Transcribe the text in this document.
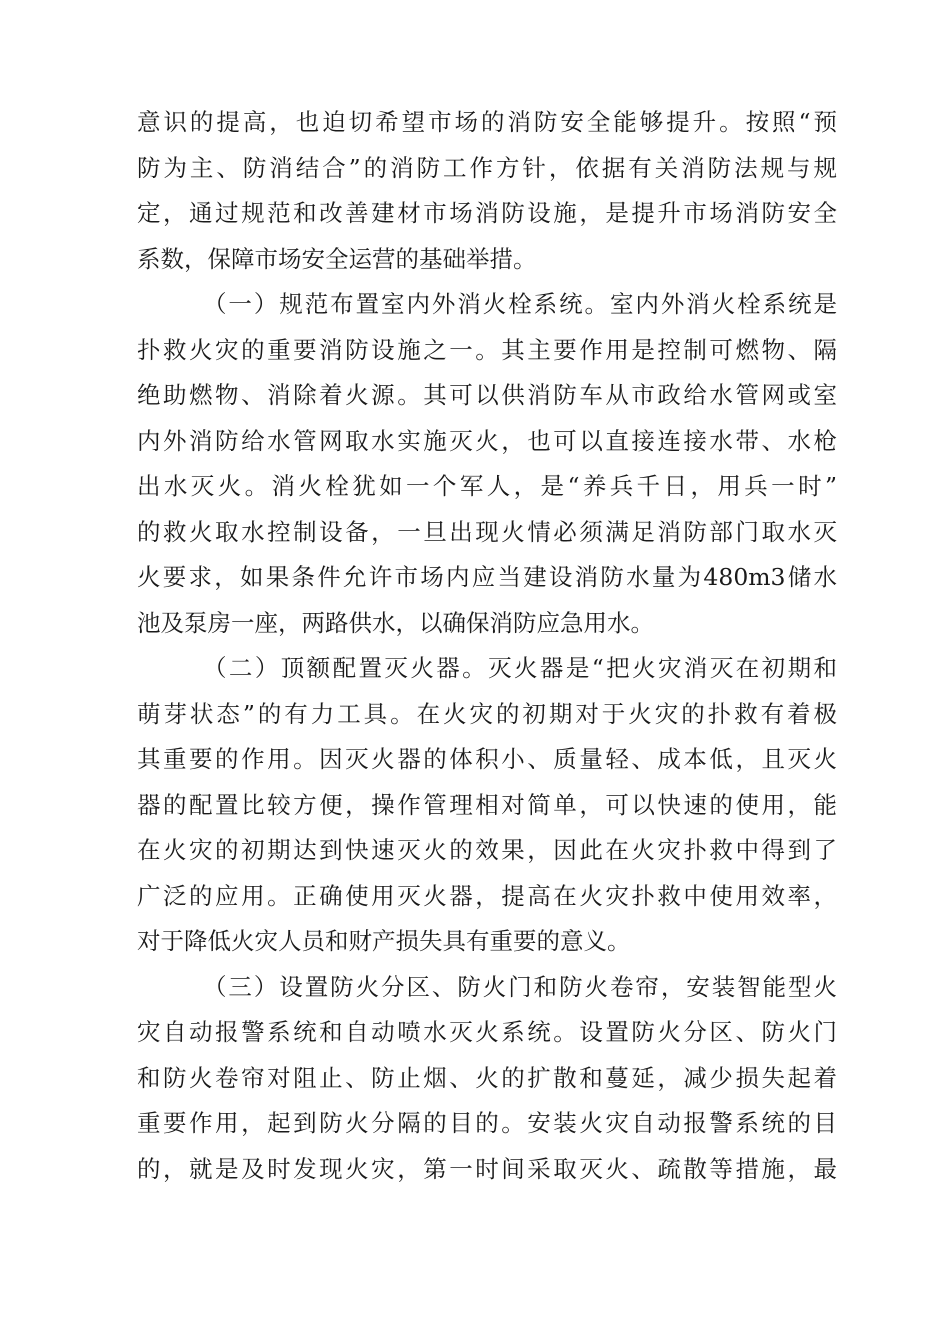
意识的提高，也迫切希望市场的消防安全能够提升。按照“预
防为主、防消结合”的消防工作方针，依据有关消防法规与规
定，通过规范和改善建材市场消防设施，是提升市场消防安全
系数，保障市场安全运营的基础举措。
（一）规范布置室内外消火栓系统。室内外消火栓系统是
扑救火灾的重要消防设施之一。其主要作用是控制可燃物、隔
绝助燃物、消除着火源。其可以供消防车从市政给水管网或室
内外消防给水管网取水实施灭火，也可以直接连接水带、水枪
出水灭火。消火栓犹如一个军人，是“养兵千日，用兵一时”
的救火取水控制设备，一旦出现火情必须满足消防部门取水灭
火要求，如果条件允许市场内应当建设消防水量为480m3储水
池及泵房一座，两路供水，以确保消防应急用水。
（二）顶额配置灭火器。灭火器是“把火灾消灭在初期和
萌芽状态”的有力工具。在火灾的初期对于火灾的扑救有着极
其重要的作用。因灭火器的体积小、质量轻、成本低，且灭火
器的配置比较方便，操作管理相对简单，可以快速的使用，能
在火灾的初期达到快速灭火的效果，因此在火灾扑救中得到了
广泛的应用。正确使用灭火器，提高在火灾扑救中使用效率，
对于降低火灾人员和财产损失具有重要的意义。
（三）设置防火分区、防火门和防火卷帘，安装智能型火
灾自动报警系统和自动喷水灭火系统。设置防火分区、防火门
和防火卷帘对阻止、防止烟、火的扩散和蔓延，减少损失起着
重要作用，起到防火分隔的目的。安装火灾自动报警系统的目
的，就是及时发现火灾，第一时间采取灭火、疏散等措施，最
